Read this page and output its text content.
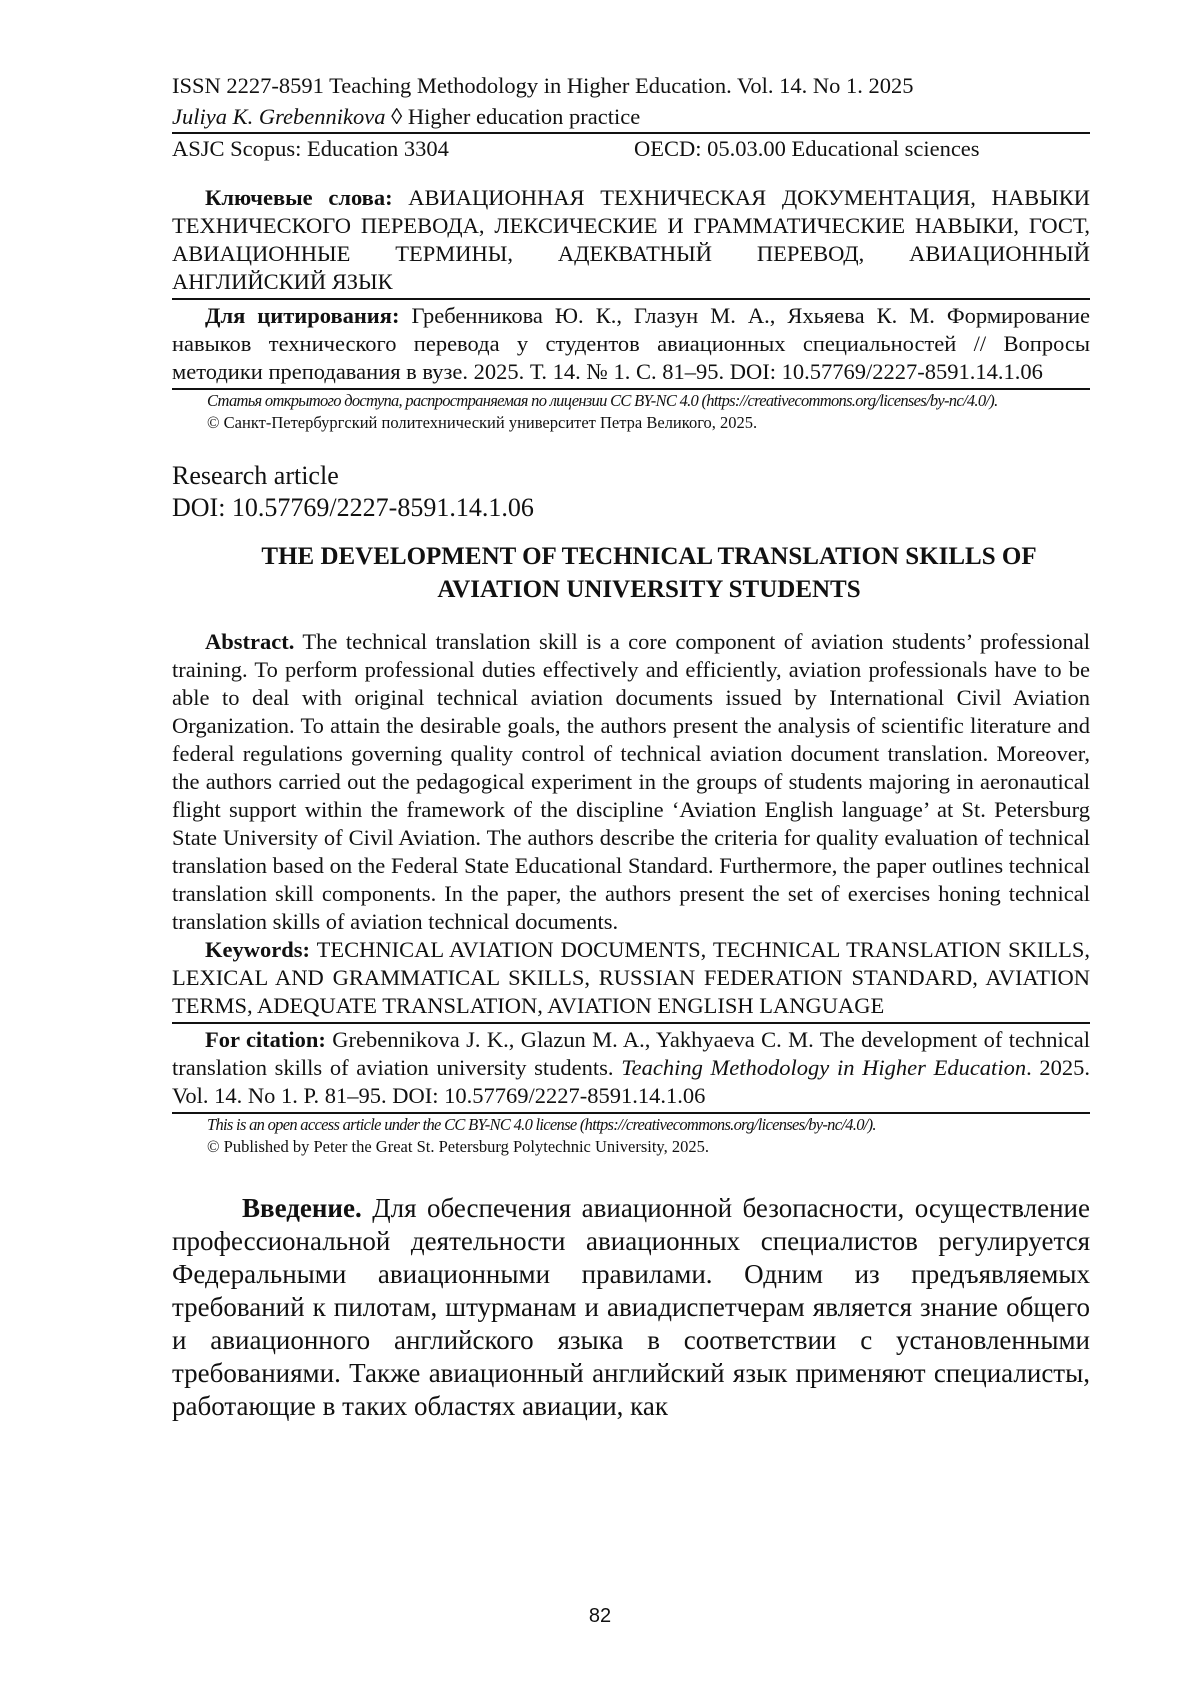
ISSN 2227-8591 Teaching Methodology in Higher Education. Vol. 14. No 1. 2025
Juliya K. Grebennikova ◊ Higher education practice
ASJC Scopus: Education 3304	OECD: 05.03.00 Educational sciences
Ключевые слова: АВИАЦИОННАЯ ТЕХНИЧЕСКАЯ ДОКУМЕНТАЦИЯ, НАВЫКИ ТЕХНИЧЕСКОГО ПЕРЕВОДА, ЛЕКСИЧЕСКИЕ И ГРАММАТИЧЕСКИЕ НАВЫКИ, ГОСТ, АВИАЦИОННЫЕ ТЕРМИНЫ, АДЕКВАТНЫЙ ПЕРЕВОД, АВИАЦИОННЫЙ АНГЛИЙСКИЙ ЯЗЫК
Для цитирования: Гребенникова Ю. К., Глазун М. А., Яхьяева К. М. Формирование навыков технического перевода у студентов авиационных специальностей // Вопросы методики преподавания в вузе. 2025. Т. 14. № 1. С. 81–95. DOI: 10.57769/2227-8591.14.1.06
Статья открытого доступа, распространяемая по лицензии CC BY-NC 4.0 (https://creativecommons.org/licenses/by-nc/4.0/).
© Санкт-Петербургский политехнический университет Петра Великого, 2025.
Research article
DOI: 10.57769/2227-8591.14.1.06
THE DEVELOPMENT OF TECHNICAL TRANSLATION SKILLS OF
AVIATION UNIVERSITY STUDENTS
Abstract. The technical translation skill is a core component of aviation students’ professional training. To perform professional duties effectively and efficiently, aviation professionals have to be able to deal with original technical aviation documents issued by International Civil Aviation Organization. To attain the desirable goals, the authors present the analysis of scientific literature and federal regulations governing quality control of technical aviation document translation. Moreover, the authors carried out the pedagogical experiment in the groups of students majoring in aeronautical flight support within the framework of the discipline ‘Aviation English language’ at St. Petersburg State University of Civil Aviation. The authors describe the criteria for quality evaluation of technical translation based on the Federal State Educational Standard. Furthermore, the paper outlines technical translation skill components. In the paper, the authors present the set of exercises honing technical translation skills of aviation technical documents.
Keywords: TECHNICAL AVIATION DOCUMENTS, TECHNICAL TRANSLATION SKILLS, LEXICAL AND GRAMMATICAL SKILLS, RUSSIAN FEDERATION STANDARD, AVIATION TERMS, ADEQUATE TRANSLATION, AVIATION ENGLISH LANGUAGE
For citation: Grebennikova J. K., Glazun M. A., Yakhyaeva C. M. The development of technical translation skills of aviation university students. Teaching Methodology in Higher Education. 2025. Vol. 14. No 1. P. 81–95. DOI: 10.57769/2227-8591.14.1.06
This is an open access article under the CC BY-NC 4.0 license (https://creativecommons.org/licenses/by-nc/4.0/).
© Published by Peter the Great St. Petersburg Polytechnic University, 2025.
Введение. Для обеспечения авиационной безопасности, осуществление профессиональной деятельности авиационных специалистов регулируется Федеральными авиационными правилами. Одним из предъявляемых требований к пилотам, штурманам и авиадиспетчерам является знание общего и авиационного английского языка в соответствии с установленными требованиями. Также авиационный английский язык применяют специалисты, работающие в таких областях авиации, как
82
